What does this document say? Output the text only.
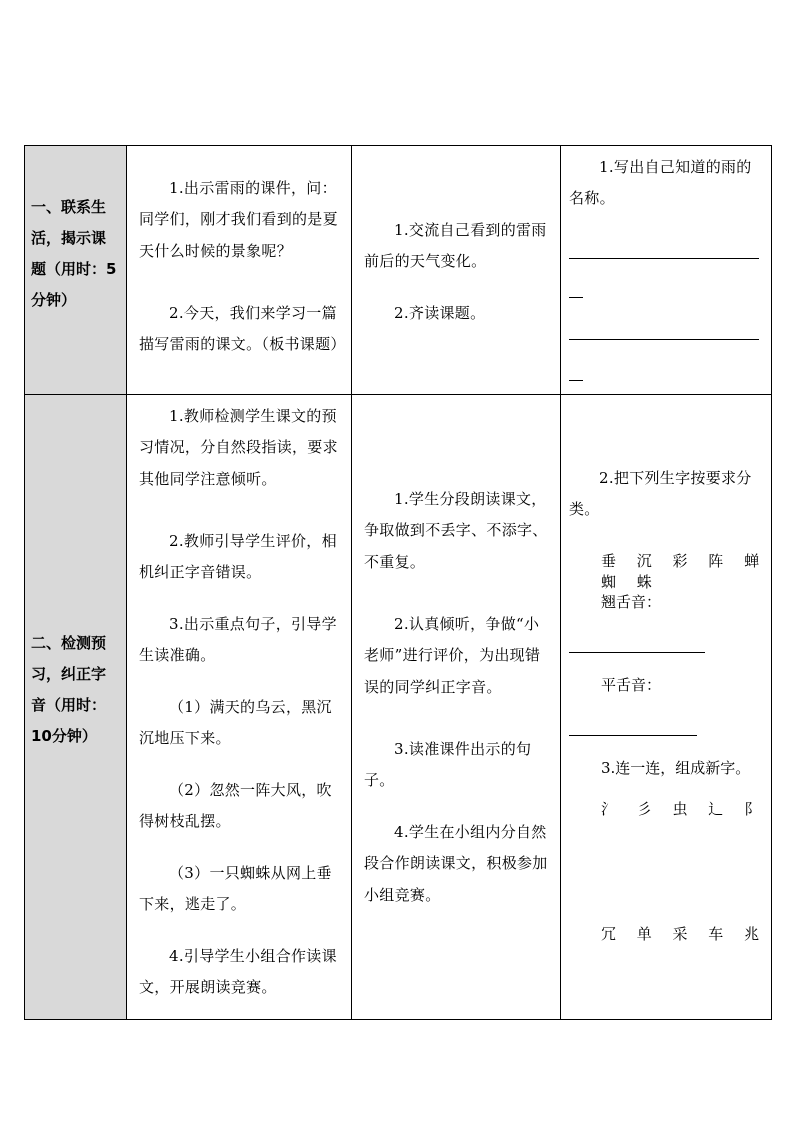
一、联系生活，揭示课题（用时：5分钟）

1.出示雷雨的课件，问：同学们，刚才我们看到的是夏天什么时候的景象呢？

2.今天，我们来学习一篇描写雷雨的课文。（板书课题）

1.交流自己看到的雷雨前后的天气变化。

2.齐读课题。

1.写出自己知道的雨的名称。

二、检测预习，纠正字音（用时：10分钟）

1.教师检测学生课文的预习情况，分自然段指读，要求其他同学注意倾听。

2.教师引导学生评价，相机纠正字音错误。

3.出示重点句子，引导学生读准确。

（1）满天的乌云，黑沉沉地压下来。

（2）忽然一阵大风，吹得树枝乱摆。

（3）一只蜘蛛从网上垂下来，逃走了。

4.引导学生小组合作读课文，开展朗读竞赛。

1.学生分段朗读课文，争取做到不丢字、不添字、不重复。

2.认真倾听，争做“小老师”进行评价，为出现错误的同学纠正字音。

3.读准课件出示的句子。

4.学生在小组内分自然段合作朗读课文，积极参加小组竞赛。

2.把下列生字按要求分类。

垂 沉 彩 阵 蝉 蜘 蛛
翘舌音：
平舌音：
3.连一连，组成新字。
氵 彡 虫 辶 阝
冗 单 采 车 兆
